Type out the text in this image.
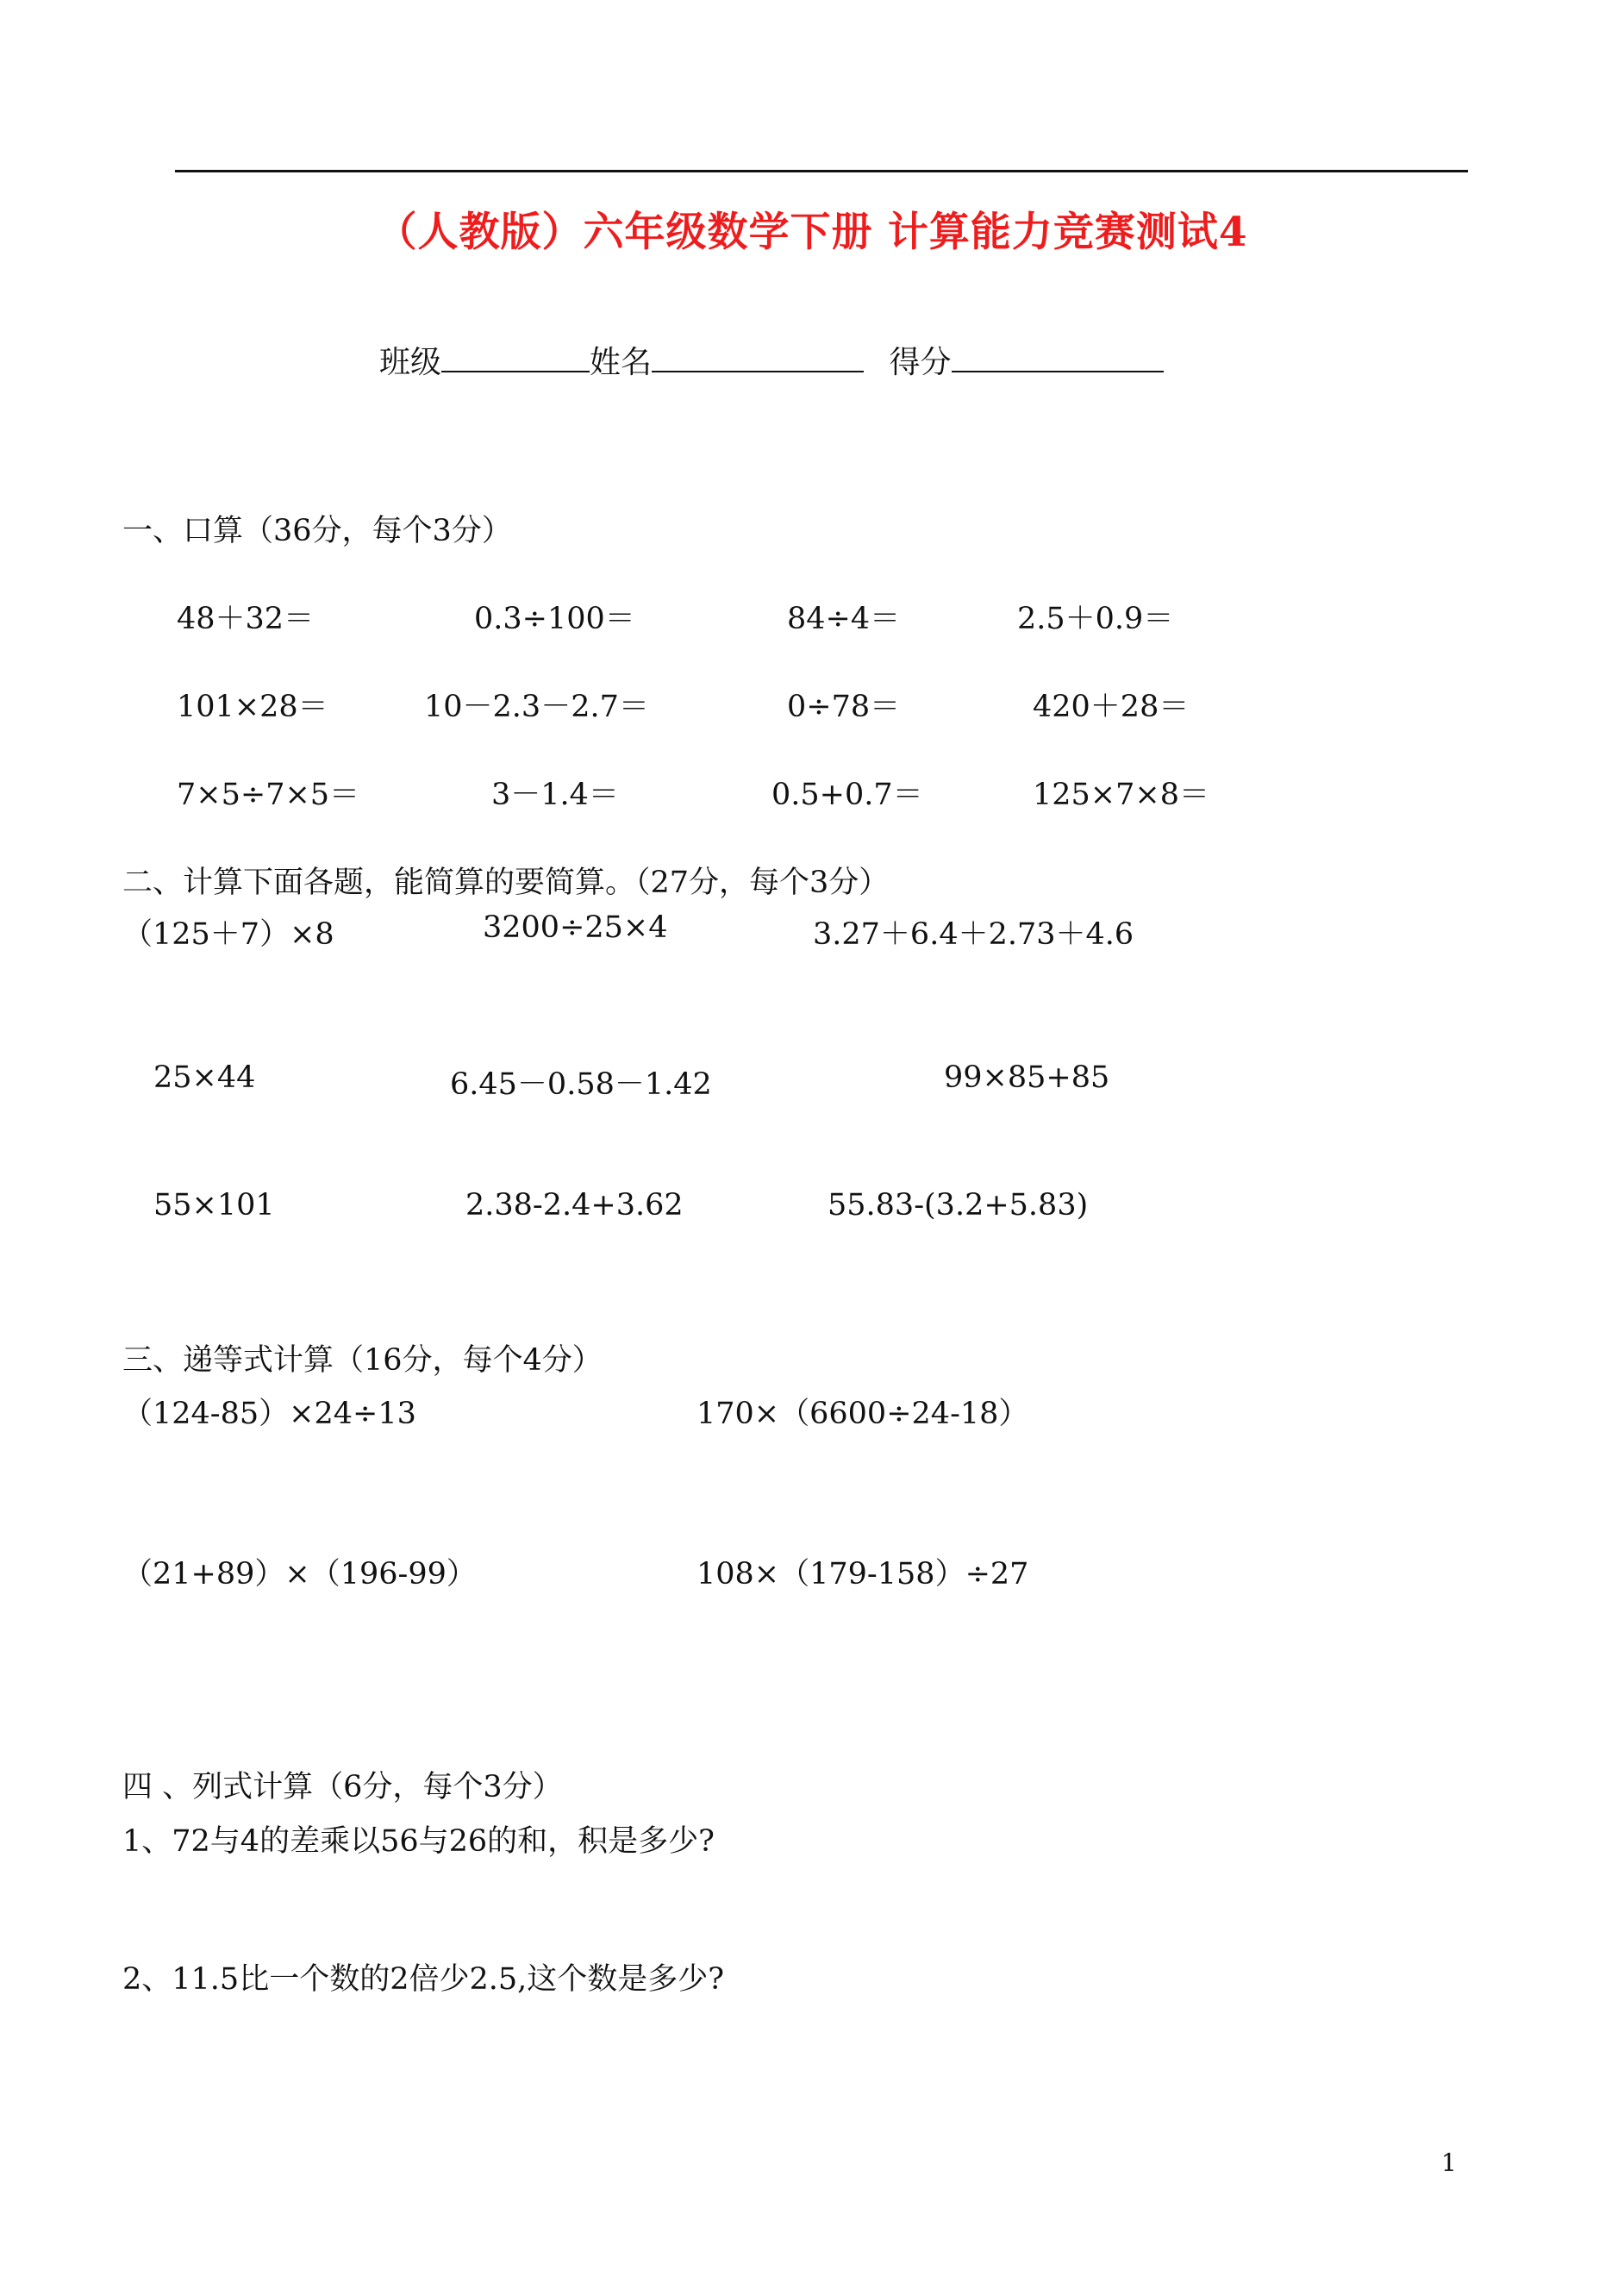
（人教版）六年级数学下册 计算能力竞赛测试4
班级	姓名	得分
一、口算（36分，每个3分）
48＋32＝	0.3÷100＝	84÷4＝	2.5＋0.9＝
101×28＝	10－2.3－2.7＝	0÷78＝	420＋28＝
7×5÷7×5＝	3－1.4＝	0.5+0.7＝	125×7×8＝
二、计算下面各题，能简算的要简算。（27分，每个3分）
（125＋7）×8	3200÷25×4	3.27＋6.4＋2.73＋4.6
25×44	6.45－0.58－1.42	99×85+85
55×101	2.38-2.4+3.62	55.83-(3.2+5.83)
三、递等式计算（16分，每个4分）
（124-85）×24÷13	170×（6600÷24-18）
（21+89）×（196-99）	108×（179-158）÷27
四 、列式计算（6分，每个3分）
1、72与4的差乘以56与26的和，积是多少?
2、11.5比一个数的2倍少2.5,这个数是多少?
1
